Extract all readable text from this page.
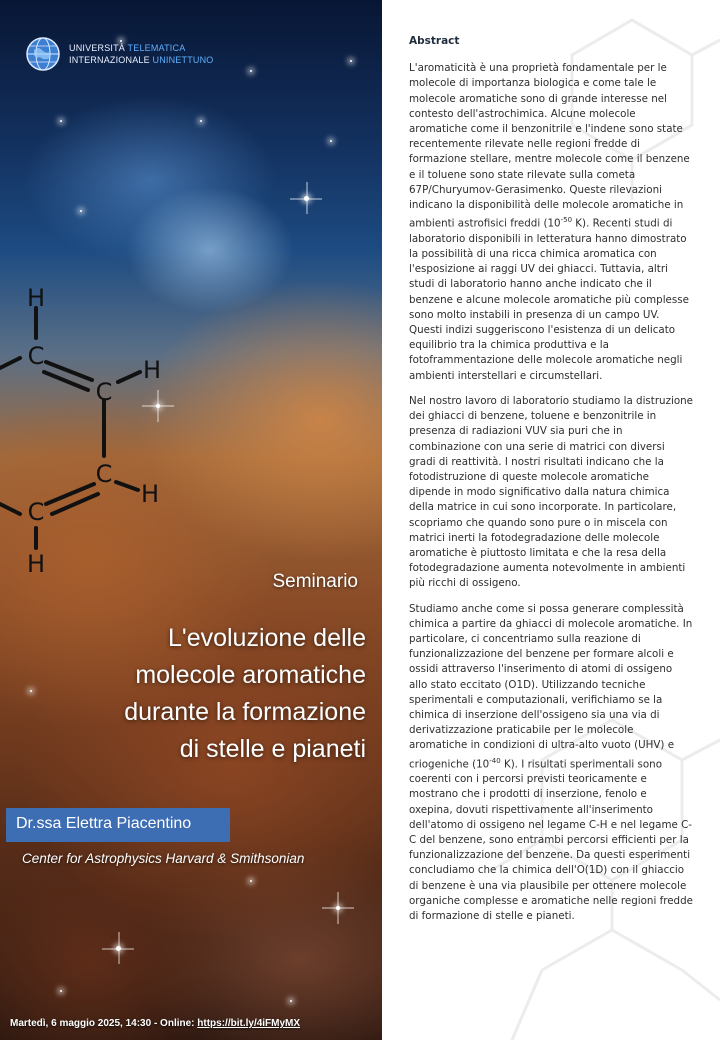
UNIVERSITÀ TELEMATICA
INTERNAZIONALE UNINETTUNO
H
C
C
H
C
H
C
H
Seminario
L'evoluzione delle
molecole aromatiche
durante la formazione
di stelle e pianeti
Dr.ssa Elettra Piacentino
Center for Astrophysics Harvard & Smithsonian
Martedì, 6 maggio 2025, 14:30 - Online: https://bit.ly/4iFMyMX
Abstract

L'aromaticità è una proprietà fondamentale per le molecole di importanza biologica e come tale le molecole aromatiche sono di grande interesse nel contesto dell'astrochimica. Alcune molecole aromatiche come il benzonitrile e l'indene sono state recentemente rilevate nelle regioni fredde di formazione stellare, mentre molecole come il benzene e il toluene sono state rilevate sulla cometa 67P/Churyumov-Gerasimenko. Queste rilevazioni indicano la disponibilità delle molecole aromatiche in ambienti astrofisici freddi ($10^{-50}$ K). Recenti studi di laboratorio disponibili in letteratura hanno dimostrato la possibilità di una ricca chimica aromatica con l'esposizione ai raggi UV dei ghiacci. Tuttavia, altri studi di laboratorio hanno anche indicato che il benzene e alcune molecole aromatiche più complesse sono molto instabili in presenza di un campo UV. Questi indizi suggeriscono l'esistenza di un delicato equilibrio tra la chimica produttiva e la fotoframmentazione delle molecole aromatiche negli ambienti interstellari e circumstellari.

Nel nostro lavoro di laboratorio studiamo la distruzione dei ghiacci di benzene, toluene e benzonitrile in presenza di radiazioni VUV sia puri che in combinazione con una serie di matrici con diversi gradi di reattività. I nostri risultati indicano che la fotodistruzione di queste molecole aromatiche dipende in modo significativo dalla natura chimica della matrice in cui sono incorporate. In particolare, scopriamo che quando sono pure o in miscela con matrici inerti la fotodegradazione delle molecole aromatiche è piuttosto limitata e che la resa della fotodegradazione aumenta notevolmente in ambienti più ricchi di ossigeno.

Studiamo anche come si possa generare complessità chimica a partire da ghiacci di molecole aromatiche. In particolare, ci concentriamo sulla reazione di funzionalizzazione del benzene per formare alcoli e ossidi attraverso l'inserimento di atomi di ossigeno allo stato eccitato (O1D). Utilizzando tecniche sperimentali e computazionali, verifichiamo se la chimica di inserzione dell'ossigeno sia una via di derivatizzazione praticabile per le molecole aromatiche in condizioni di ultra-alto vuoto (UHV) e criogeniche ($10^{-40}$ K). I risultati sperimentali sono coerenti con i percorsi previsti teoricamente e mostrano che i prodotti di inserzione, fenolo e oxepina, dovuti rispettivamente all'inserimento dell'atomo di ossigeno nel legame C-H e nel legame C-C del benzene, sono entrambi percorsi efficienti per la funzionalizzazione del benzene. Da questi esperimenti concludiamo che la chimica dell'O(1D) con il ghiaccio di benzene è una via plausibile per ottenere molecole organiche complesse e aromatiche nelle regioni fredde di formazione di stelle e pianeti.
